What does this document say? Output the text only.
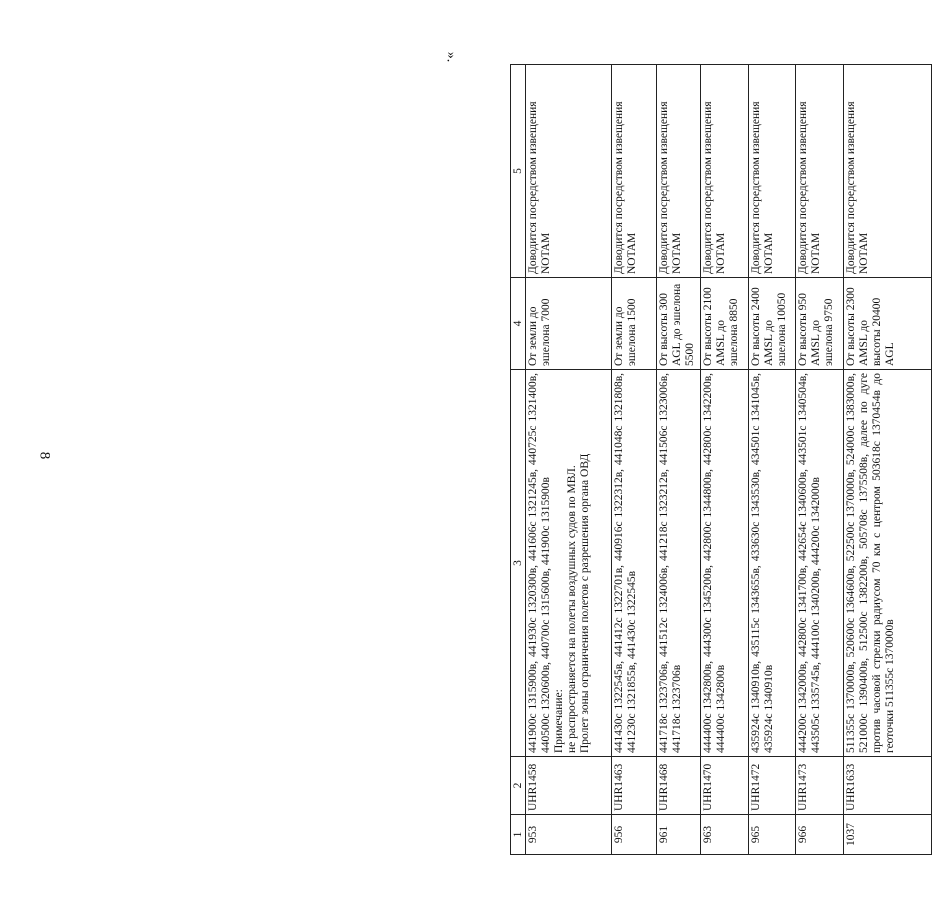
8
».
1	2	3	4	5
953	UHR1458	441900с 1315900в, 441930с 1320300в, 441606с 1321245в, 440725с 1321400в, 440500с 1320600в, 440700с 1315600в, 441900с 1315900в
Примечание:
не распространяется на полеты воздушных судов по МВЛ.
Пролет зоны ограничения полетов с разрешения органа ОВД	От земли до эшелона 7000	Доводится посредством извещения NOTAM
956	UHR1463	441430с 1322545в, 441412с 1322701в, 440916с 1322312в, 441048с 1321808в, 441230с 1321855в, 441430с 1322545в	От земли до эшелона 1500	Доводится посредством извещения NOTAM
961	UHR1468	441718с 1323706в, 441512с 1324006в, 441218с 1323212в, 441506с 1323006в, 441718с 1323706в	От высоты 300 AGL до эшелона 5500	Доводится посредством извещения NOTAM
963	UHR1470	444400с 1342800в, 444300с 1345200в, 442800с 1344800в, 442800с 1342200в, 444400с 1342800в	От высоты 2100 AMSL до эшелона 8850	Доводится посредством извещения NOTAM
965	UHR1472	435924с 1340910в, 435115с 1343655в, 433630с 1343530в, 434501с 1341045в, 435924с 1340910в	От высоты 2400 AMSL до эшелона 10050	Доводится посредством извещения NOTAM
966	UHR1473	444200с 1342000в, 442800с 1341700в, 442654с 1340600в, 443501с 1340504в, 443505с 1335745в, 444100с 1340200в, 444200с 1342000в	От высоты 950 AMSL до эшелона 9750	Доводится посредством извещения NOTAM
1037	UHR1633	511355с 1370000в, 520600с 1364600в, 522500с 1370000в, 524000с 1383000в, 521000с 1390400в, 512500с 1382200в, 505708с 1375508в, далее по дуге против часовой стрелки радиусом 70 км с центром 503618с 1370454в до геоточки 511355с 1370000в	От высоты 2300 AMSL до высоты 20400 AGL	Доводится посредством извещения NOTAM
